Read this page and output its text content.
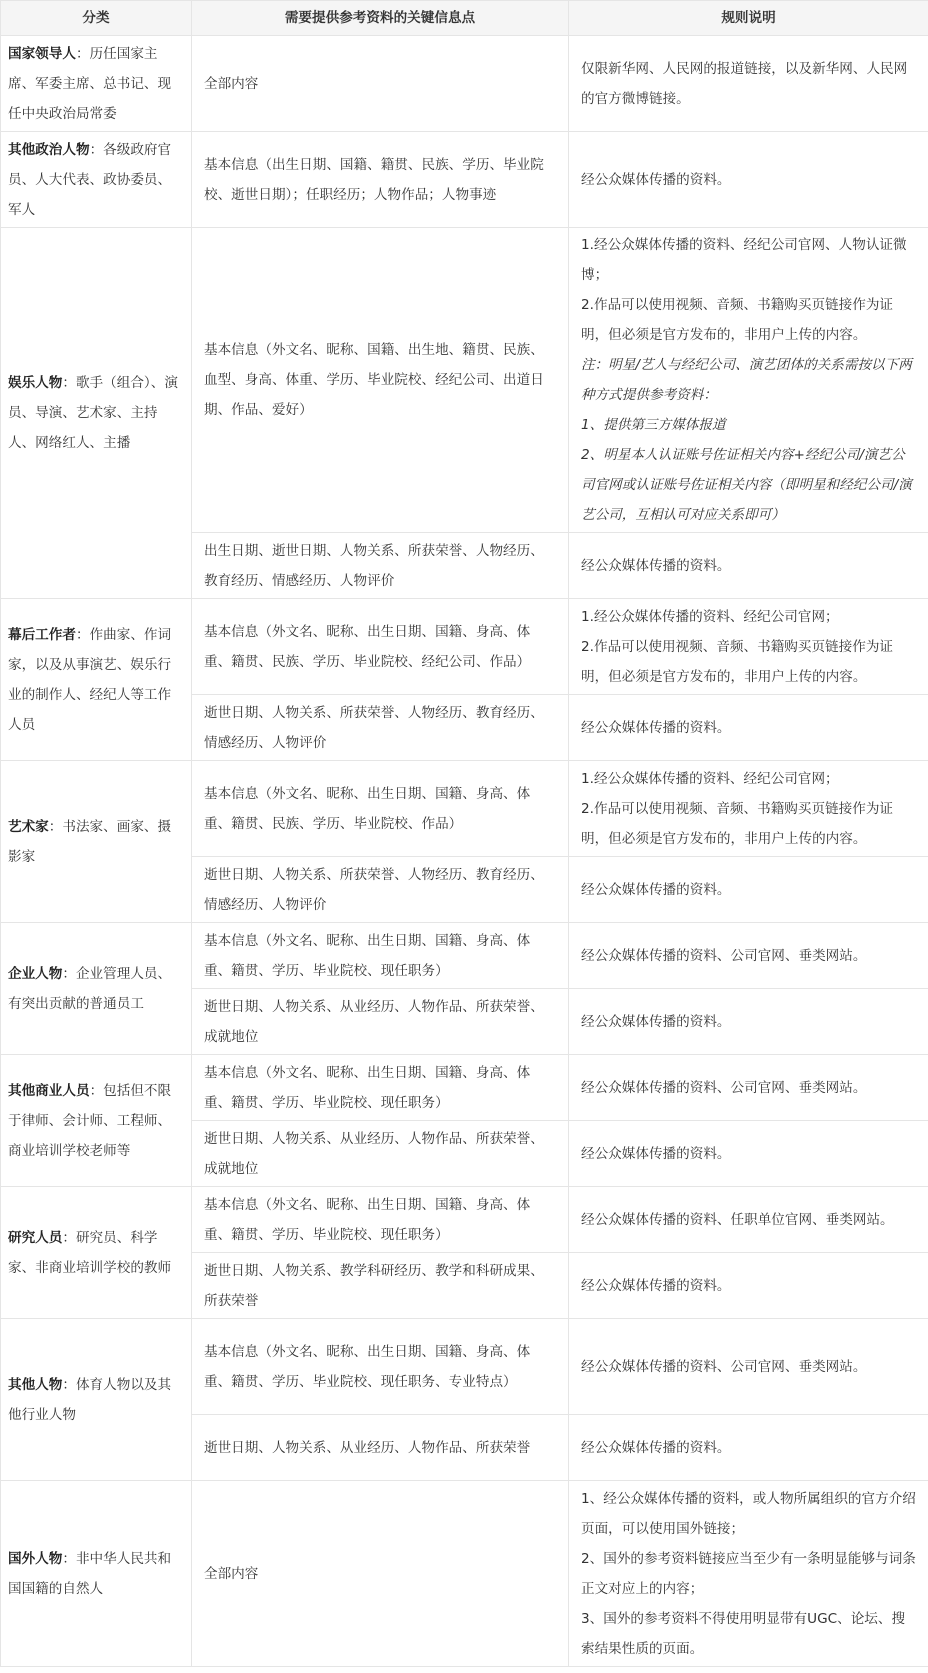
分类	需要提供参考资料的关键信息点	规则说明
国家领导人：历任国家主席、军委主席、总书记、现任中央政治局常委	全部内容	仅限新华网、人民网的报道链接，以及新华网、人民网的官方微博链接。

其他政治人物：各级政府官员、人大代表、政协委员、军人	基本信息（出生日期、国籍、籍贯、民族、学历、毕业院校、逝世日期）；任职经历；人物作品；人物事迹	经公众媒体传播的资料。

娱乐人物：歌手（组合）、演员、导演、艺术家、主持人、网络红人、主播	基本信息（外文名、昵称、国籍、出生地、籍贯、民族、血型、身高、体重、学历、毕业院校、经纪公司、出道日期、作品、爱好）	1.经公众媒体传播的资料、经纪公司官网、人物认证微博；
2.作品可以使用视频、音频、书籍购买页链接作为证明，但必须是官方发布的，非用户上传的内容。
注：明星/艺人与经纪公司、演艺团体的关系需按以下两种方式提供参考资料：
1、提供第三方媒体报道
2、明星本人认证账号佐证相关内容+经纪公司/演艺公司官网或认证账号佐证相关内容（即明星和经纪公司/演艺公司，互相认可对应关系即可）

	出生日期、逝世日期、人物关系、所获荣誉、人物经历、教育经历、情感经历、人物评价	经公众媒体传播的资料。

幕后工作者：作曲家、作词家，以及从事演艺、娱乐行业的制作人、经纪人等工作人员	基本信息（外文名、昵称、出生日期、国籍、身高、体重、籍贯、民族、学历、毕业院校、经纪公司、作品）	1.经公众媒体传播的资料、经纪公司官网；
2.作品可以使用视频、音频、书籍购买页链接作为证明，但必须是官方发布的，非用户上传的内容。

	逝世日期、人物关系、所获荣誉、人物经历、教育经历、情感经历、人物评价	经公众媒体传播的资料。

艺术家：书法家、画家、摄影家	基本信息（外文名、昵称、出生日期、国籍、身高、体重、籍贯、民族、学历、毕业院校、作品）	1.经公众媒体传播的资料、经纪公司官网；
2.作品可以使用视频、音频、书籍购买页链接作为证明，但必须是官方发布的，非用户上传的内容。

	逝世日期、人物关系、所获荣誉、人物经历、教育经历、情感经历、人物评价	经公众媒体传播的资料。

企业人物：企业管理人员、有突出贡献的普通员工	基本信息（外文名、昵称、出生日期、国籍、身高、体重、籍贯、学历、毕业院校、现任职务）	经公众媒体传播的资料、公司官网、垂类网站。

	逝世日期、人物关系、从业经历、人物作品、所获荣誉、成就地位	经公众媒体传播的资料。

其他商业人员：包括但不限于律师、会计师、工程师、商业培训学校老师等	基本信息（外文名、昵称、出生日期、国籍、身高、体重、籍贯、学历、毕业院校、现任职务）	经公众媒体传播的资料、公司官网、垂类网站。

	逝世日期、人物关系、从业经历、人物作品、所获荣誉、成就地位	经公众媒体传播的资料。

研究人员：研究员、科学家、非商业培训学校的教师	基本信息（外文名、昵称、出生日期、国籍、身高、体重、籍贯、学历、毕业院校、现任职务）	经公众媒体传播的资料、任职单位官网、垂类网站。

	逝世日期、人物关系、教学科研经历、教学和科研成果、所获荣誉	经公众媒体传播的资料。

其他人物：体育人物以及其他行业人物	基本信息（外文名、昵称、出生日期、国籍、身高、体重、籍贯、学历、毕业院校、现任职务、专业特点）	经公众媒体传播的资料、公司官网、垂类网站。

	逝世日期、人物关系、从业经历、人物作品、所获荣誉	经公众媒体传播的资料。

国外人物：非中华人民共和国国籍的自然人	全部内容	1、经公众媒体传播的资料，或人物所属组织的官方介绍页面，可以使用国外链接；
2、国外的参考资料链接应当至少有一条明显能够与词条正文对应上的内容；
3、国外的参考资料不得使用明显带有UGC、论坛、搜索结果性质的页面。
